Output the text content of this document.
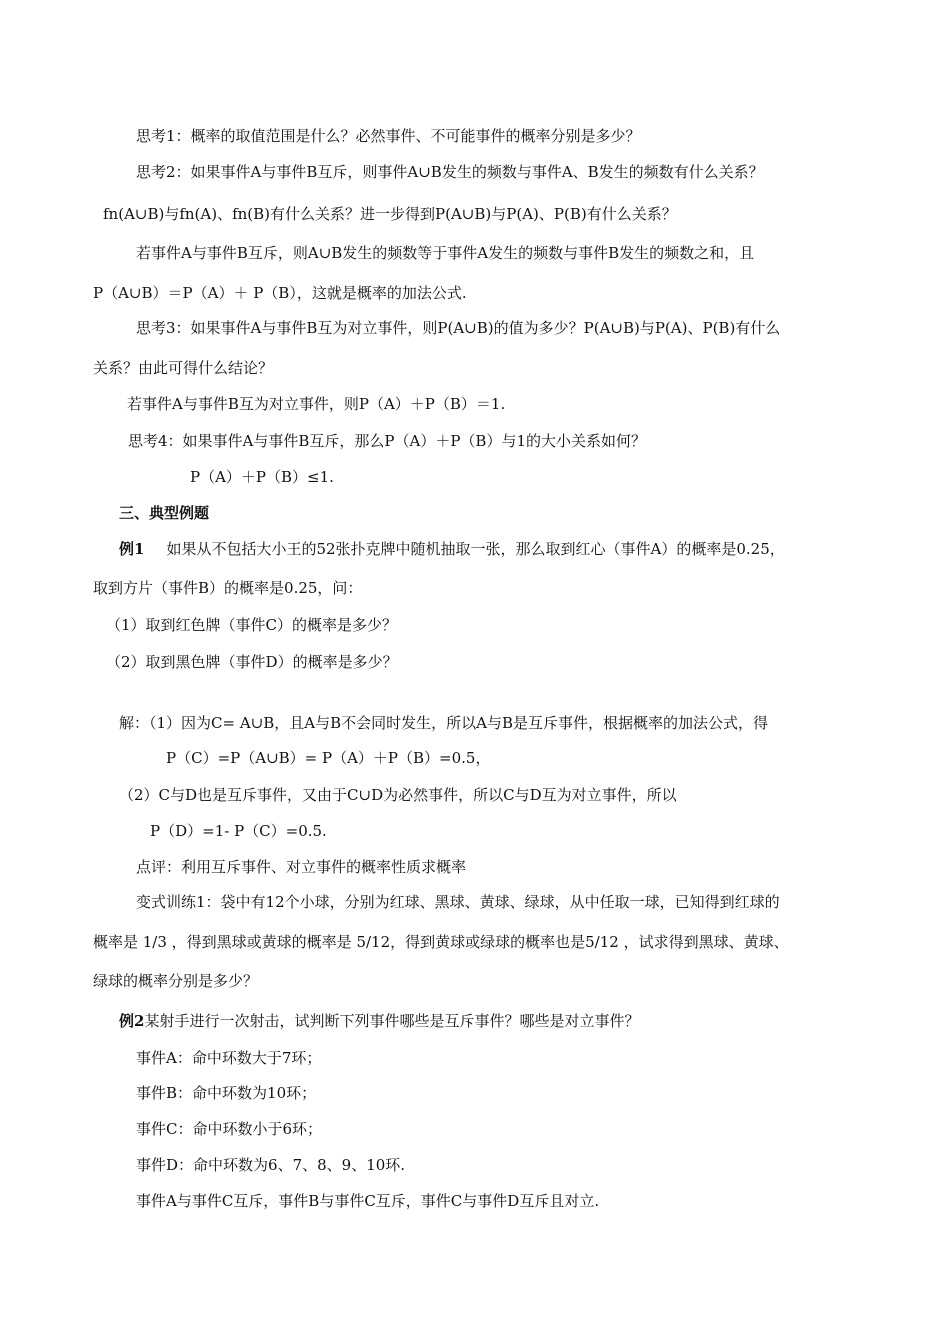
思考1：概率的取值范围是什么？必然事件、不可能事件的概率分别是多少？
思考2：如果事件A与事件B互斥，则事件A∪B发生的频数与事件A、B发生的频数有什么关系？
fn(A∪B)与fn(A)、fn(B)有什么关系？进一步得到P(A∪B)与P(A)、P(B)有什么关系？
若事件A与事件B互斥，则A∪B发生的频数等于事件A发生的频数与事件B发生的频数之和，且
P（A∪B）＝P（A）＋ P（B），这就是概率的加法公式.
思考3：如果事件A与事件B互为对立事件，则P(A∪B)的值为多少？P(A∪B)与P(A)、P(B)有什么
关系？由此可得什么结论？
若事件A与事件B互为对立事件，则P（A）＋P（B）＝1.
思考4：如果事件A与事件B互斥，那么P（A）＋P（B）与1的大小关系如何？
P（A）＋P（B）≤1.
三、典型例题
例1 如果从不包括大小王的52张扑克牌中随机抽取一张，那么取到红心（事件A）的概率是0.25，
取到方片（事件B）的概率是0.25，问：
（1）取到红色牌（事件C）的概率是多少？
（2）取到黑色牌（事件D）的概率是多少？
解：（1）因为C= A∪B，且A与B不会同时发生，所以A与B是互斥事件，根据概率的加法公式，得
P（C）=P（A∪B）= P（A）＋P（B）=0.5，
（2）C与D也是互斥事件，又由于C∪D为必然事件，所以C与D互为对立事件，所以
P（D）=1- P（C）=0.5.
点评：利用互斥事件、对立事件的概率性质求概率
变式训练1：袋中有12个小球，分别为红球、黑球、黄球、绿球，从中任取一球，已知得到红球的
概率是 1/3 ，得到黑球或黄球的概率是 5/12，得到黄球或绿球的概率也是5/12 ，试求得到黑球、黄球、
绿球的概率分别是多少？
例2某射手进行一次射击，试判断下列事件哪些是互斥事件？哪些是对立事件？
事件A：命中环数大于7环；
事件B：命中环数为10环；
事件C：命中环数小于6环；
事件D：命中环数为6、7、8、9、10环.
事件A与事件C互斥，事件B与事件C互斥，事件C与事件D互斥且对立.
